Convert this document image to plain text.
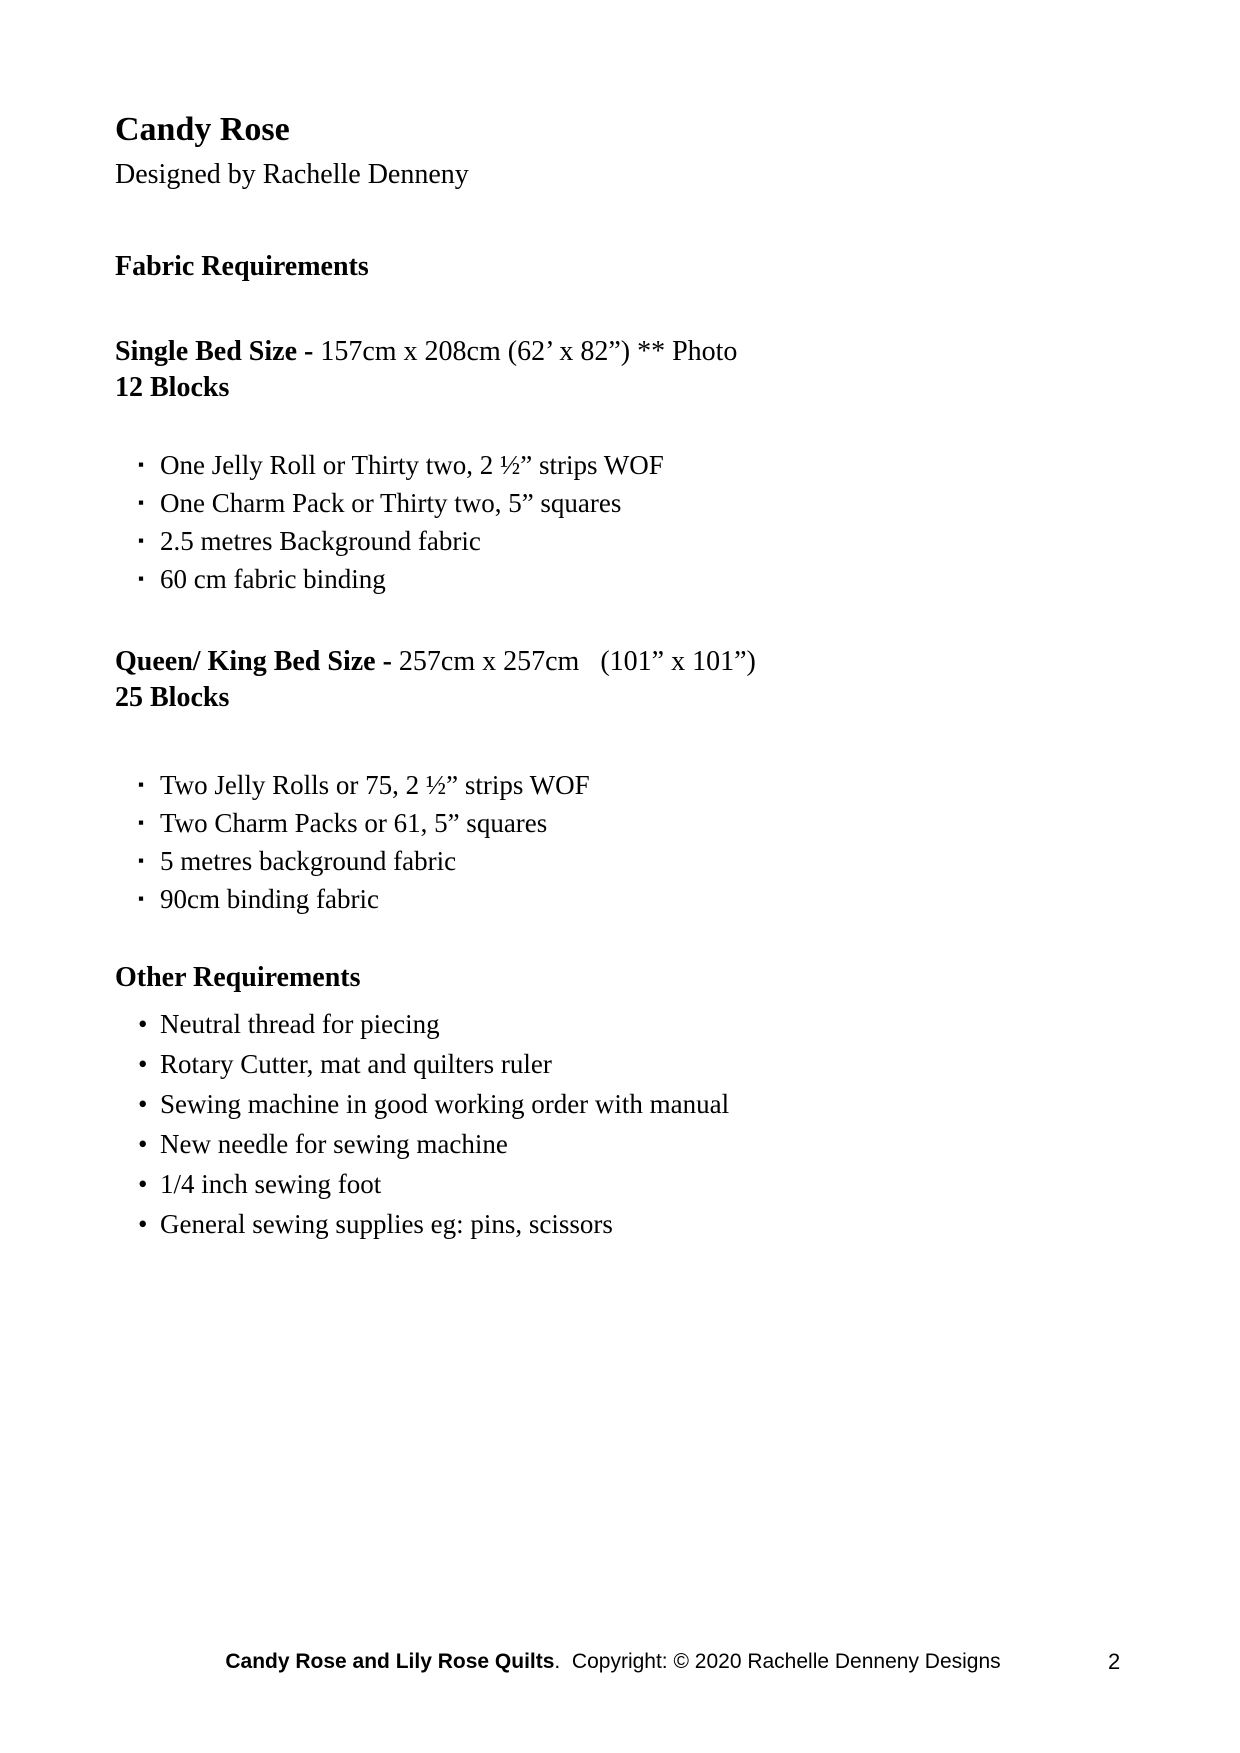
Candy Rose

Designed by Rachelle Denneny

Fabric Requirements

Single Bed Size - 157cm x 208cm (62’ x 82”) ** Photo
12 Blocks

▪ One Jelly Roll or Thirty two, 2 ½” strips WOF
▪ One Charm Pack or Thirty two, 5” squares
▪ 2.5 metres Background fabric
▪ 60 cm fabric binding

Queen/ King Bed Size - 257cm x 257cm   (101” x 101”)
25 Blocks

▪ Two Jelly Rolls or 75, 2 ½” strips WOF
▪ Two Charm Packs or 61, 5” squares
▪ 5 metres background fabric
▪ 90cm binding fabric
Other Requirements
• Neutral thread for piecing
• Rotary Cutter, mat and quilters ruler
• Sewing machine in good working order with manual
• New needle for sewing machine
• 1/4 inch sewing foot
• General sewing supplies eg: pins, scissors

Candy Rose and Lily Rose Quilts.  Copyright: © 2020 Rachelle Denneny Designs	2
